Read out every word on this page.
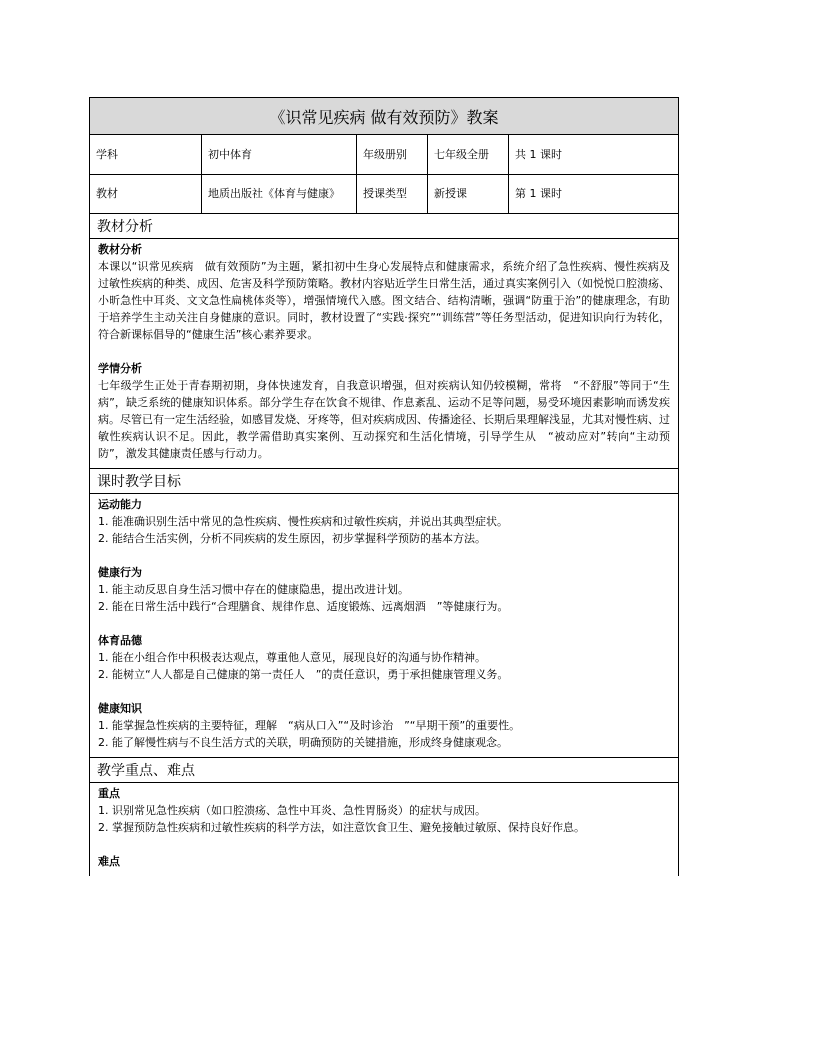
《识常见疾病 做有效预防》教案
学科	初中体育	年级册别	七年级全册	共 1 课时
教材	地质出版社《体育与健康》	授课类型	新授课	第 1 课时
教材分析
教材分析
本课以“识常见疾病　做有效预防”为主题，紧扣初中生身心发展特点和健康需求，系统介绍了急性疾病、慢性疾病及过敏性疾病的种类、成因、危害及科学预防策略。教材内容贴近学生日常生活，通过真实案例引入（如悦悦口腔溃疡、小昕急性中耳炎、文文急性扁桃体炎等），增强情境代入感。图文结合、结构清晰，强调“防重于治”的健康理念，有助于培养学生主动关注自身健康的意识。同时，教材设置了“实践·探究”“训练营”等任务型活动，促进知识向行为转化，符合新课标倡导的“健康生活”核心素养要求。
学情分析
七年级学生正处于青春期初期，身体快速发育，自我意识增强，但对疾病认知仍较模糊，常将　“不舒服”等同于“生病”，缺乏系统的健康知识体系。部分学生存在饮食不规律、作息紊乱、运动不足等问题，易受环境因素影响而诱发疾病。尽管已有一定生活经验，如感冒发烧、牙疼等，但对疾病成因、传播途径、长期后果理解浅显，尤其对慢性病、过敏性疾病认识不足。因此，教学需借助真实案例、互动探究和生活化情境，引导学生从　“被动应对”转向“主动预防”，激发其健康责任感与行动力。
课时教学目标
运动能力
1. 能准确识别生活中常见的急性疾病、慢性疾病和过敏性疾病，并说出其典型症状。
2. 能结合生活实例，分析不同疾病的发生原因，初步掌握科学预防的基本方法。
健康行为
1. 能主动反思自身生活习惯中存在的健康隐患，提出改进计划。
2. 能在日常生活中践行“合理膳食、规律作息、适度锻炼、远离烟酒　”等健康行为。
体育品德
1. 能在小组合作中积极表达观点，尊重他人意见，展现良好的沟通与协作精神。
2. 能树立“人人都是自己健康的第一责任人　”的责任意识，勇于承担健康管理义务。
健康知识
1. 能掌握急性疾病的主要特征，理解　“病从口入”“及时诊治　”“早期干预”的重要性。
2. 能了解慢性病与不良生活方式的关联，明确预防的关键措施，形成终身健康观念。
教学重点、难点
重点
1. 识别常见急性疾病（如口腔溃疡、急性中耳炎、急性胃肠炎）的症状与成因。
2. 掌握预防急性疾病和过敏性疾病的科学方法，如注意饮食卫生、避免接触过敏原、保持良好作息。
难点
